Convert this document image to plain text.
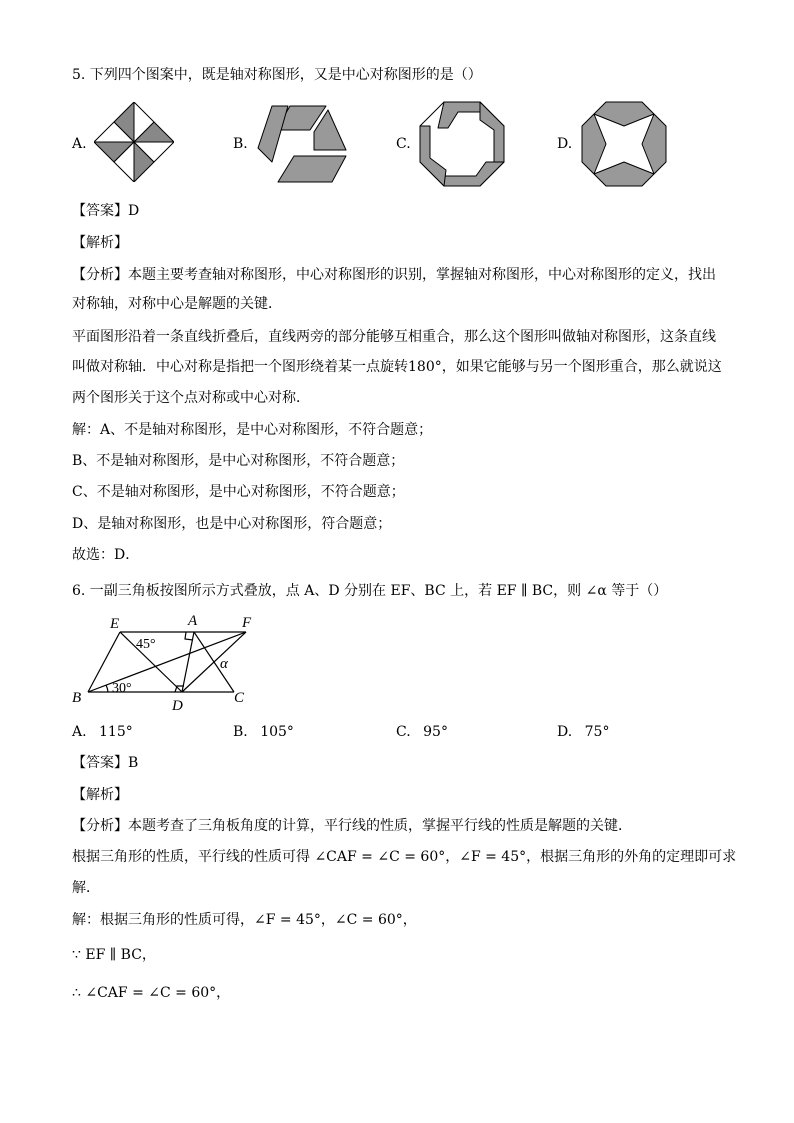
5. 下列四个图案中，既是轴对称图形，又是中心对称图形的是（）
A.	B.	C.	D.
【答案】D
【解析】
【分析】本题主要考查轴对称图形，中心对称图形的识别，掌握轴对称图形，中心对称图形的定义，找出
对称轴，对称中心是解题的关键．
平面图形沿着一条直线折叠后，直线两旁的部分能够互相重合，那么这个图形叫做轴对称图形，这条直线
叫做对称轴．中心对称是指把一个图形绕着某一点旋转180°，如果它能够与另一个图形重合，那么就说这
两个图形关于这个点对称或中心对称．
解：A、不是轴对称图形，是中心对称图形，不符合题意；
B、不是轴对称图形，是中心对称图形，不符合题意；
C、不是轴对称图形，是中心对称图形，不符合题意；
D、是轴对称图形，也是中心对称图形，符合题意；
故选：D．
6. 一副三角板按图所示方式叠放，点 A、D 分别在 EF、BC 上，若 EF ∥ BC，则 ∠α 等于（）
E	A	F
B	D	C
α
45°
30°
A. 115°	B. 105°	C. 95°	D. 75°
【答案】B
【解析】
【分析】本题考查了三角板角度的计算，平行线的性质，掌握平行线的性质是解题的关键．
根据三角形的性质，平行线的性质可得 ∠CAF = ∠C = 60°，∠F = 45°，根据三角形的外角的定理即可求
解．
解：根据三角形的性质可得，∠F = 45°，∠C = 60°，
∵ EF ∥ BC，
∴ ∠CAF = ∠C = 60°，
